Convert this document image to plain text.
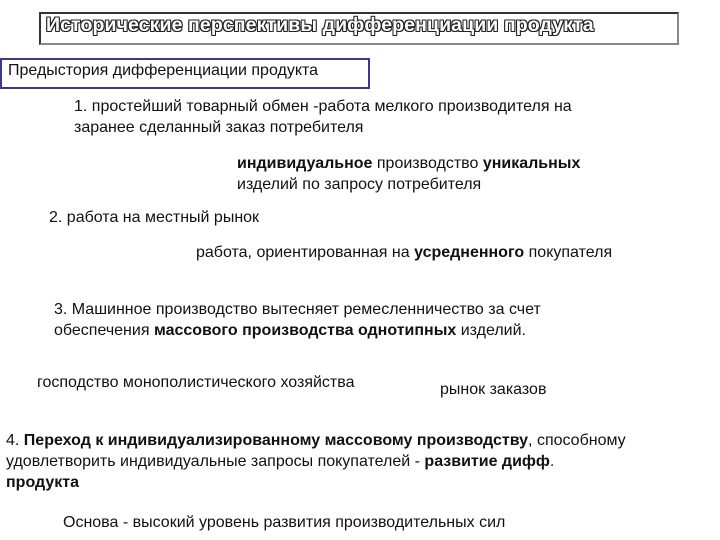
Исторические перспективы дифференциации продукта
Предыстория дифференциации продукта
1. простейший товарный обмен -работа мелкого производителя на
заранее сделанный заказ потребителя
индивидуальное производство уникальных
изделий по запросу потребителя
2. работа на местный рынок
работа, ориентированная на усредненного покупателя
3. Машинное производство вытесняет ремесленничество за счет
обеспечения массового производства однотипных изделий.
господство монополистического хозяйства	рынок заказов
4. Переход к индивидуализированному массовому производству, способному
удовлетворить индивидуальные запросы покупателей - развитие дифф.
продукта
Основа - высокий уровень развития производительных сил
